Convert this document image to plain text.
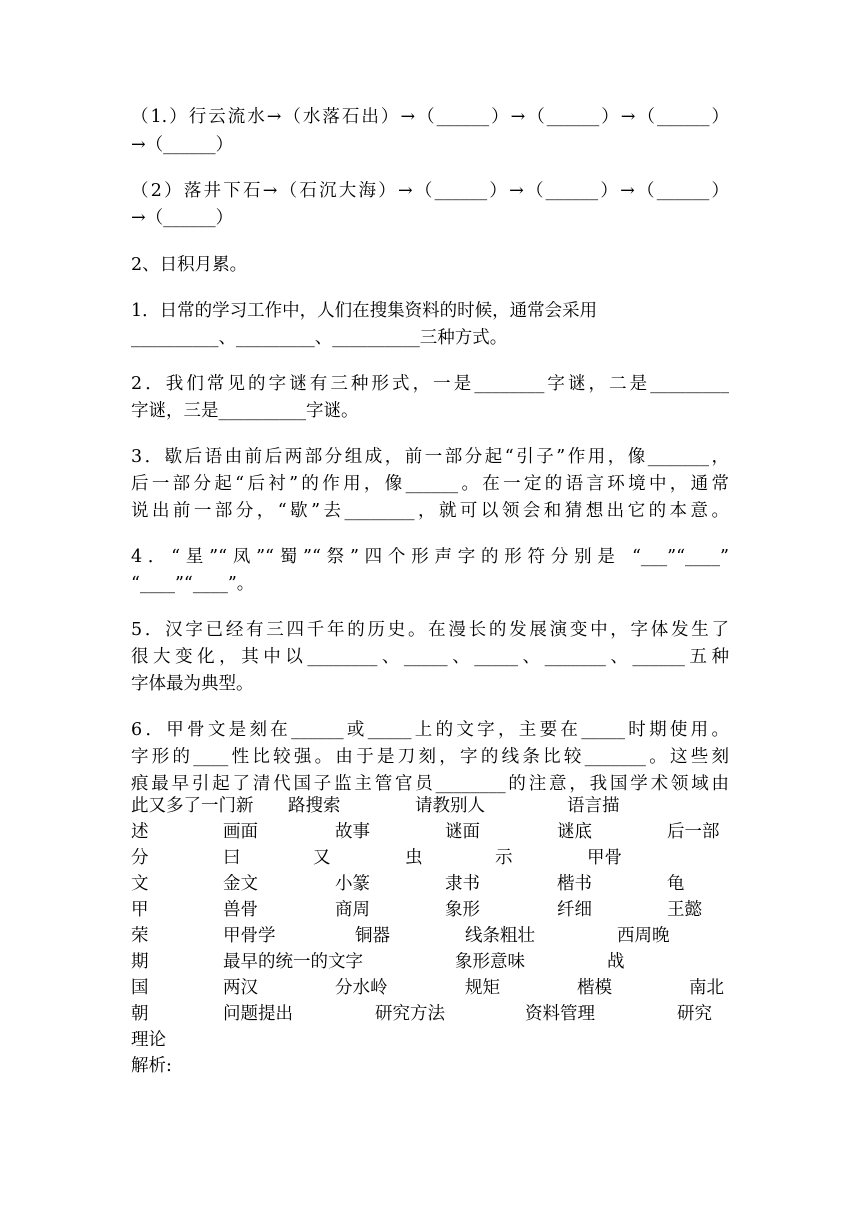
（1.）行云流水→（水落石出）→（______）→（______）→（______）
→（______）
（2）落井下石→（石沉大海）→（______）→（______）→（______）
→（______）
2、日积月累。
1．日常的学习工作中，人们在搜集资料的时候，通常会采用
__________、_________、__________三种方式。
2．我们常见的字谜有三种形式，一是________字谜，二是_________
字谜，三是__________字谜。
3．歇后语由前后两部分组成，前一部分起“引子”作用，像_______，
后一部分起“后衬”的作用，像______。在一定的语言环境中，通常
说出前一部分，“歇”去________，就可以领会和猜想出它的本意。
4．“星”“凤”“蜀”“祭”四个形声字的形符分别是 “___”“____”
“____”“____”。
5．汉字已经有三四千年的历史。在漫长的发展演变中，字体发生了
很大变化，其中以________、_____、_____、_______、______五种
字体最为典型。
6．甲骨文是刻在______或_____上的文字，主要在_____时期使用。
字形的____性比较强。由于是刀刻，字的线条比较_______。这些刻
痕最早引起了清代国子监主管官员________的注意，我国学术领域由
此又多了一门新 路搜索	请教别人	语言描
述	画面	故事	谜面	谜底	后一部
分	曰	又	虫	示	甲骨
文	金文	小篆	隶书	楷书	龟
甲	兽骨	商周	象形	纤细	王懿
荣	甲骨学	铜器	线条粗壮	西周晚
期	最早的统一的文字	象形意味	战
国	两汉	分水岭	规矩	楷模	南北
朝	问题提出	研究方法	资料管理	研究
理论
解析:
